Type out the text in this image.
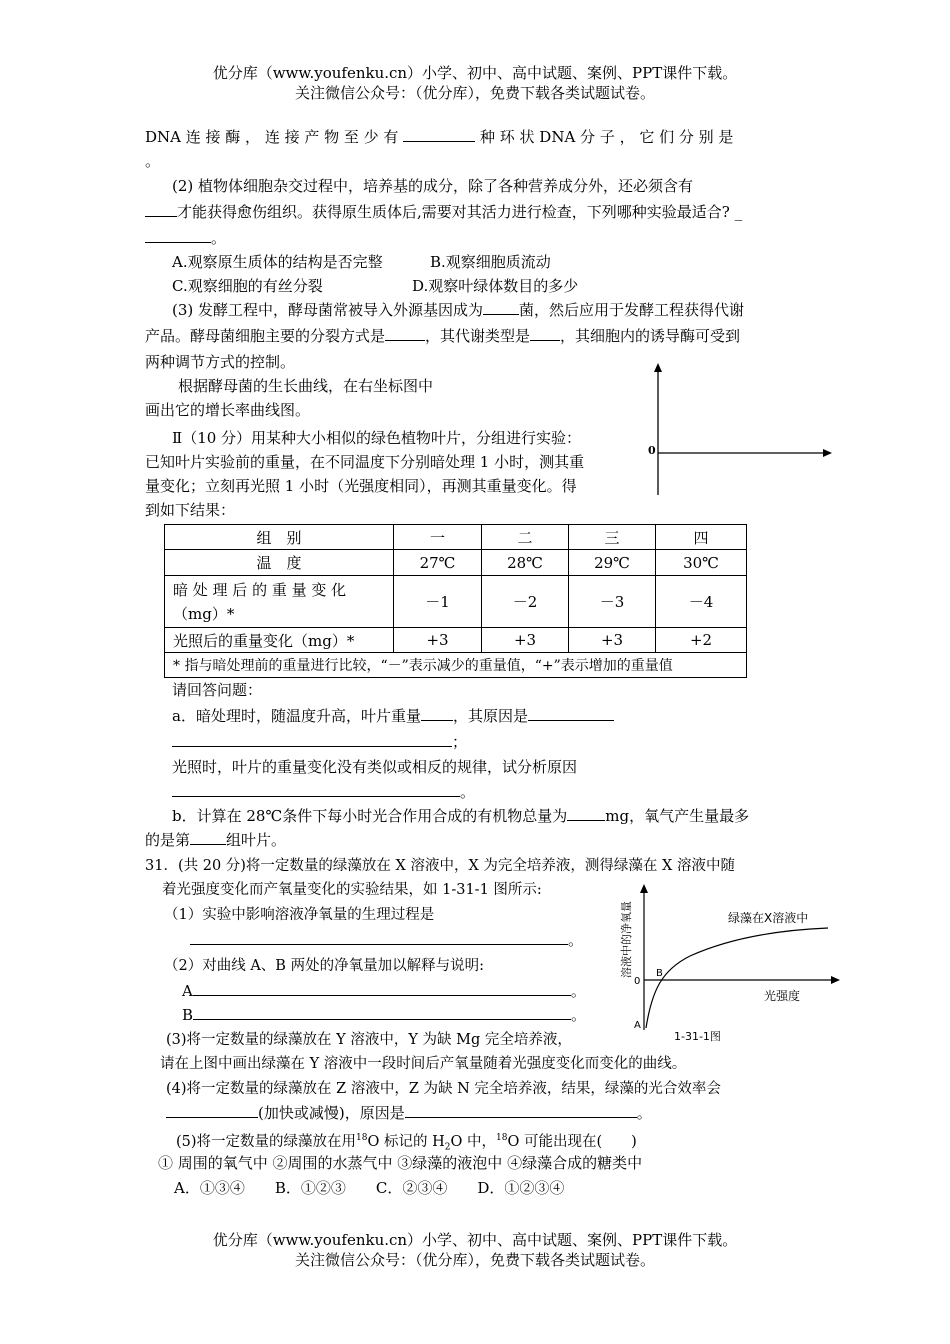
优分库（www.youfenku.cn）小学、初中、高中试题、案例、PPT课件下载。
关注微信公众号：（优分库），免费下载各类试题试卷。
DNA 连 接 酶 ， 连 接 产 物 至 少 有	种 环 状 DNA 分 子 ， 它 们 分 别 是
。
(2) 植物体细胞杂交过程中，培养基的成分，除了各种营养成分外，还必须含有
才能获得愈伤组织。获得原生质体后,需要对其活力进行检查，下列哪种实验最适合? _
。
A.观察原生质体的结构是否完整	B.观察细胞质流动
C.观察细胞的有丝分裂	D.观察叶绿体数目的多少
(3) 发酵工程中，酵母菌常被导入外源基因成为 菌，然后应用于发酵工程获得代谢
产品。酵母菌细胞主要的分裂方式是	，其代谢类型是 ，其细胞内的诱导酶可受到
两种调节方式的控制。
根据酵母菌的生长曲线，在右坐标图中
画出它的增长率曲线图。
0
Ⅱ（10 分）用某种大小相似的绿色植物叶片，分组进行实验：
已知叶片实验前的重量，在不同温度下分别暗处理 1 小时，测其重
量变化；立刻再光照 1 小时（光强度相同），再测其重量变化。得
到如下结果：
组　别	一	二	三	四
温　度	27℃	28℃	29℃	30℃
暗 处 理 后 的 重 量 变 化（mg）*	－1	－2	－3	－4
光照后的重量变化（mg）*	+3	+3	+3	+2
* 指与暗处理前的重量进行比较，“－”表示减少的重量值，“+”表示增加的重量值				
请回答问题：
a．暗处理时，随温度升高，叶片重量 ，其原因是
；
光照时，叶片的重量变化没有类似或相反的规律，试分析原因
。
b．计算在 28℃条件下每小时光合作用合成的有机物总量为	mg，氧气产生量最多
的是第 组叶片。
31．(共 20 分)将一定数量的绿藻放在 X 溶液中，X 为完全培养液，测得绿藻在 X 溶液中随
着光强度变化而产氧量变化的实验结果，如 1-31-1 图所示:
（1）实验中影响溶液净氧量的生理过程是
。
（2）对曲线 A、B 两处的净氧量加以解释与说明:
A	。
B	。
(3)将一定数量的绿藻放在 Y 溶液中，Y 为缺 Mg 完全培养液，
请在上图中画出绿藻在 Y 溶液中一段时间后产氧量随着光强度变化而变化的曲线。
(4)将一定数量的绿藻放在 Z 溶液中，Z 为缺 N 完全培养液，结果，绿藻的光合效率会
(加快或减慢)，原因是	。
(5)将一定数量的绿藻放在用$^{18}$O 标记的 $H_2O$ 中，$^{18}$O 可能出现在(　　)
① 周围的氧气中 ②周围的水蒸气中 ③绿藻的液泡中 ④绿藻合成的糖类中
A．①③④　　B．①②③　　C．②③④　　D．①②③④
溶液中的净氧量	绿藻在X溶液中
光强度
0
B
A
1-31-1图
优分库（www.youfenku.cn）小学、初中、高中试题、案例、PPT课件下载。
关注微信公众号：（优分库），免费下载各类试题试卷。
